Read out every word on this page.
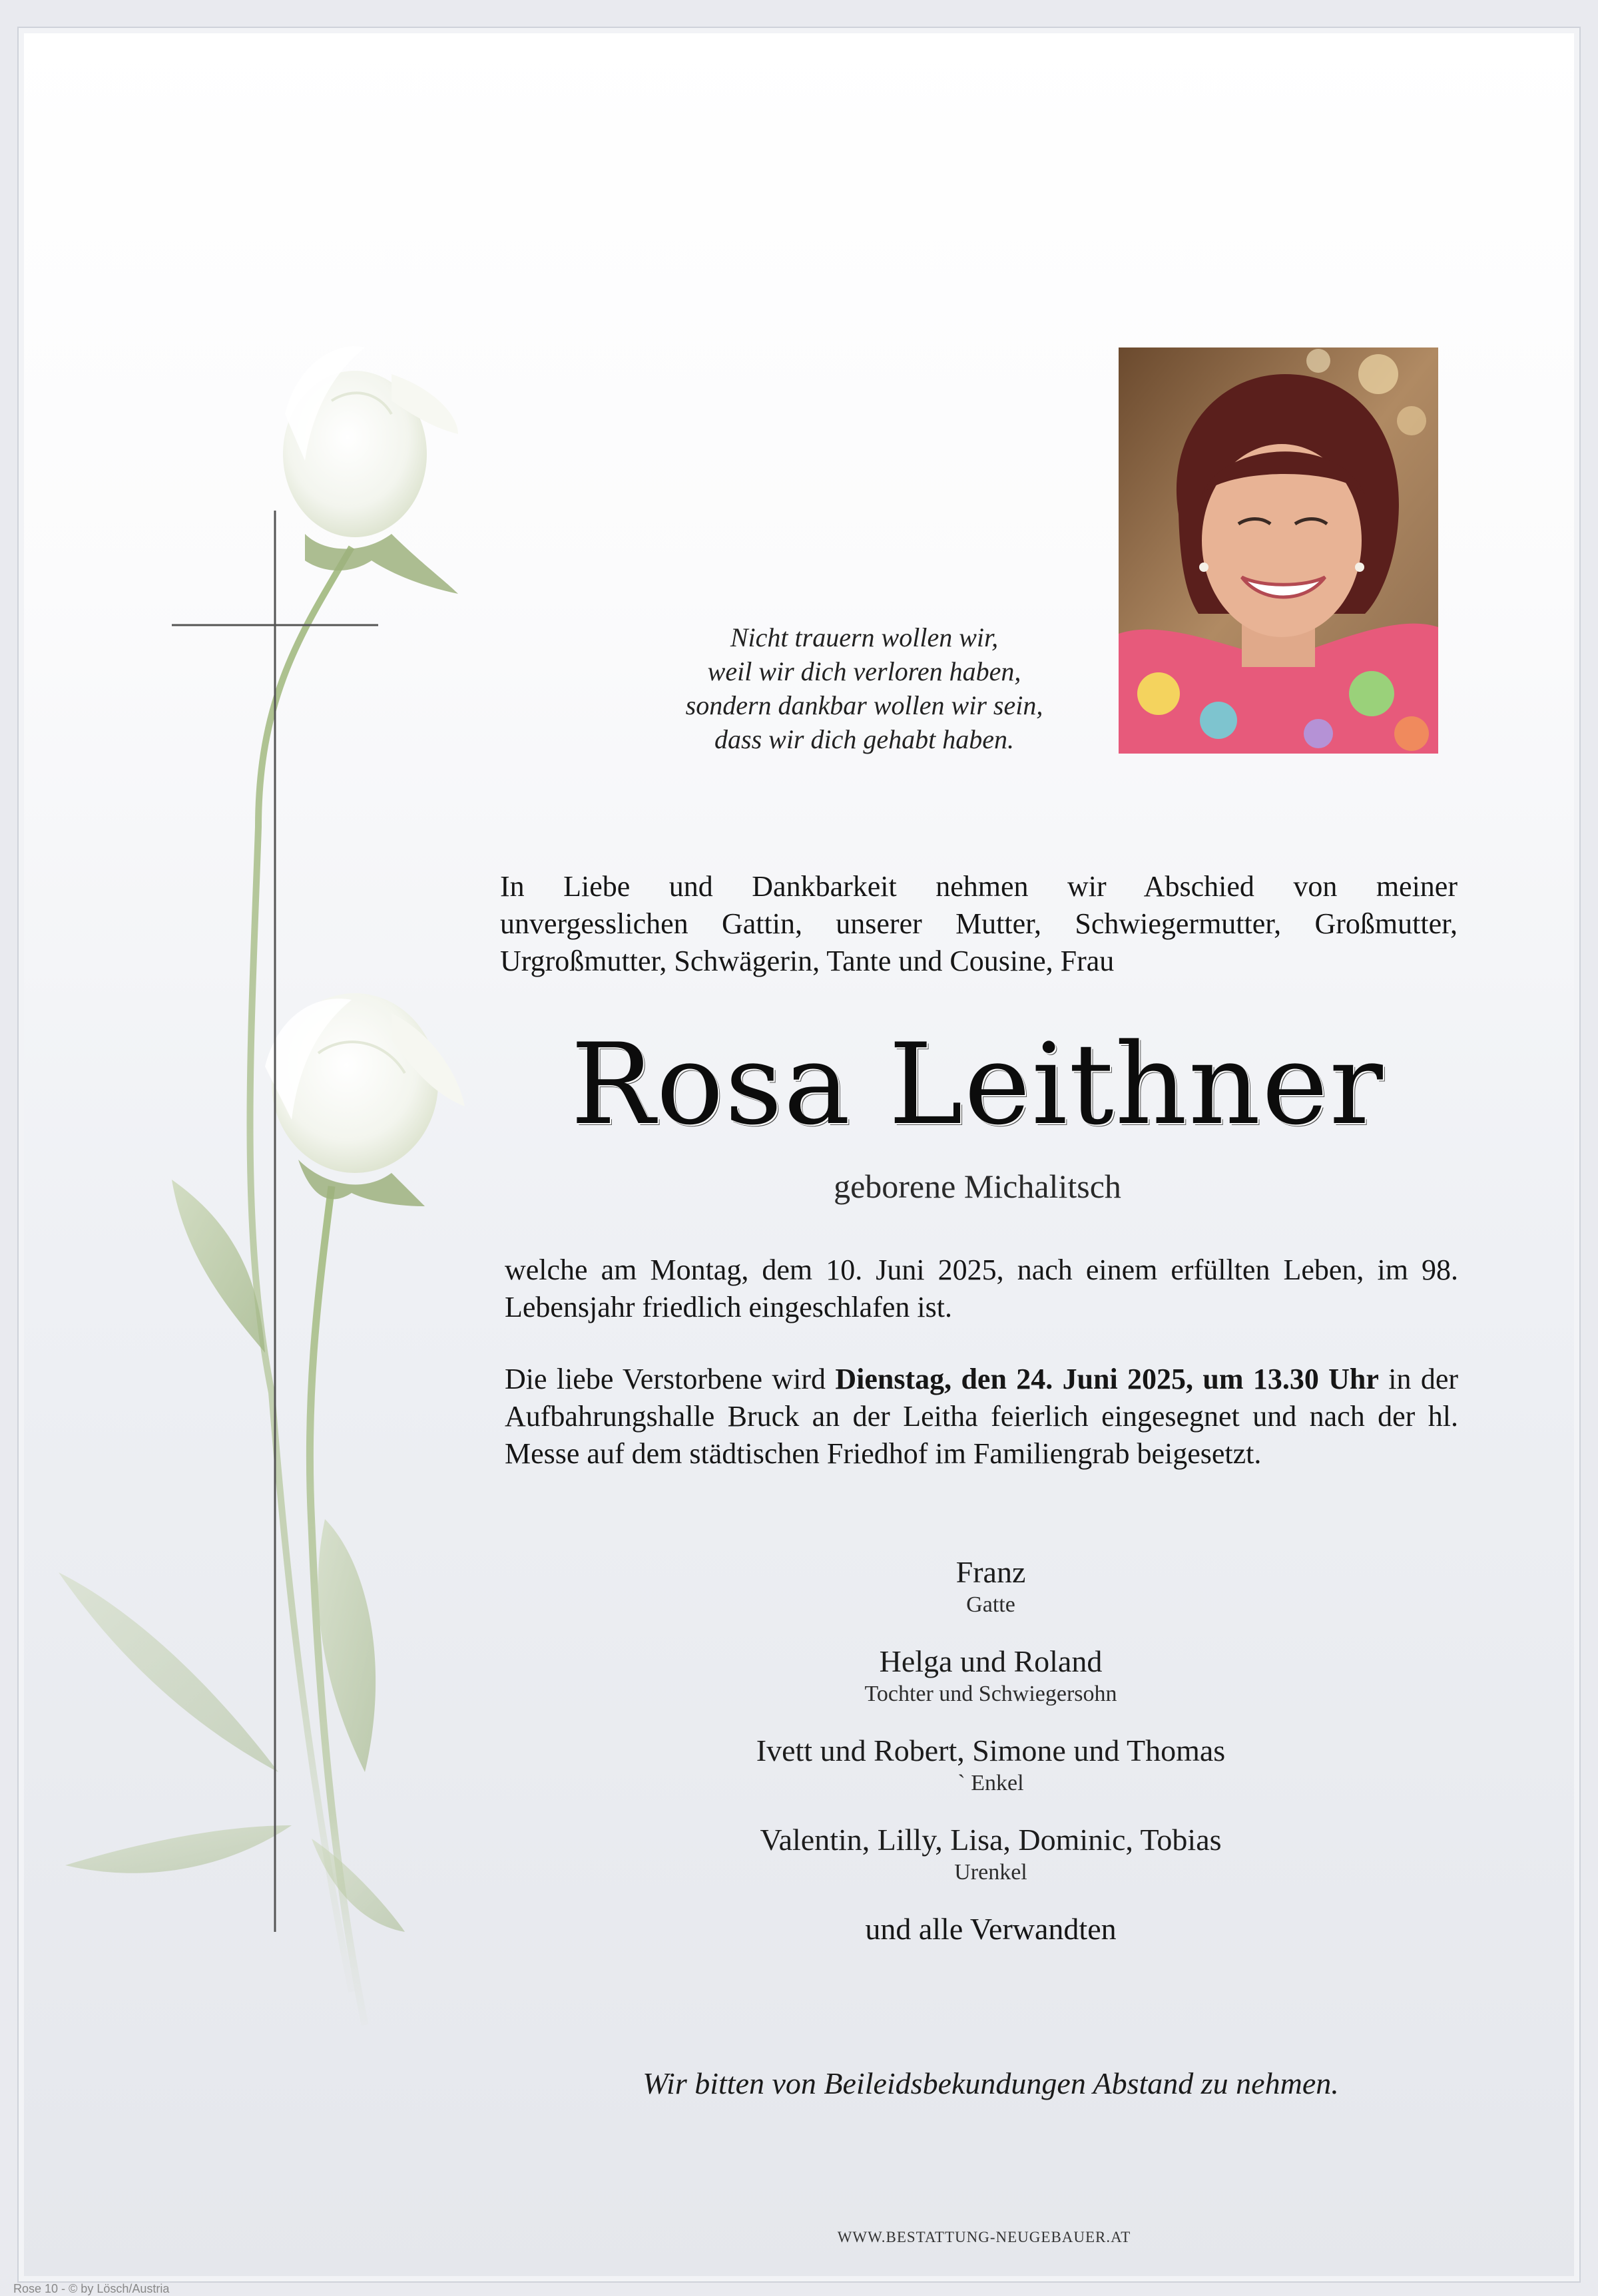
Nicht trauern wollen wir,
weil wir dich verloren haben,
sondern dankbar wollen wir sein,
dass wir dich gehabt haben.
In Liebe und Dankbarkeit nehmen wir Abschied von meiner
unvergesslichen Gattin, unserer Mutter, Schwiegermutter, Großmutter,
Urgroßmutter, Schwägerin, Tante und Cousine, Frau
Rosa Leithner
geborene Michalitsch
welche am Montag, dem 10. Juni 2025, nach einem erfüllten Leben, im 98. Lebensjahr friedlich eingeschlafen ist.
Die liebe Verstorbene wird Dienstag, den 24. Juni 2025, um 13.30 Uhr in der Aufbahrungshalle Bruck an der Leitha feierlich eingesegnet und nach der hl. Messe auf dem städtischen Friedhof im Familiengrab beigesetzt.
Franz
Gatte
Helga und Roland
Tochter und Schwiegersohn
Ivett und Robert, Simone und Thomas
` Enkel
Valentin, Lilly, Lisa, Dominic, Tobias
Urenkel
und alle Verwandten
Wir bitten von Beileidsbekundungen Abstand zu nehmen.
WWW.BESTATTUNG-NEUGEBAUER.AT
Rose 10 - © by Lösch/Austria
